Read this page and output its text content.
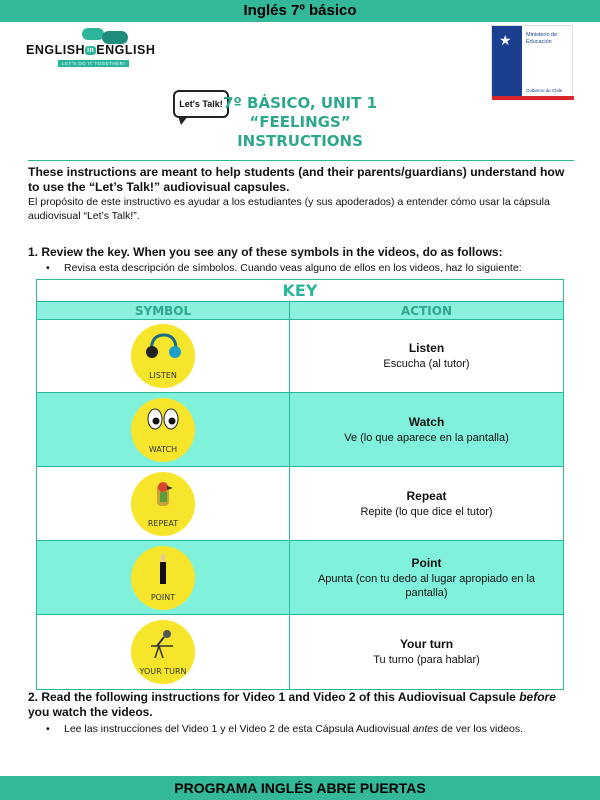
Inglés 7º básico
ENGLISH in ENGLISH
LET'S DO IT TOGETHER!
★	Ministerio de
Educación
Gobierno de Chile
Let's Talk! 7º BÁSICO, UNIT 1
“FEELINGS”
INSTRUCTIONS
These instructions are meant to help students (and their parents/guardians) understand how to use the “Let’s Talk!” audiovisual capsules.
El propósito de este instructivo es ayudar a los estudiantes (y sus apoderados) a entender cómo usar la cápsula audiovisual “Let’s Talk!”.
1. Review the key. When you see any of these symbols in the videos, do as follows:
• Revisa esta descripción de símbolos. Cuando veas alguno de ellos en los videos, haz lo siguiente:
KEY	
SYMBOL	ACTION

LISTEN	Listen
Escucha (al tutor)

WATCH	Watch
Ve (lo que aparece en la pantalla)

REPEAT	Repeat
Repite (lo que dice el tutor)

POINT	Point
Apunta (con tu dedo al lugar apropiado en la pantalla)

YOUR TURN	Your turn
Tu turno (para hablar)
2. Read the following instructions for Video 1 and Video 2 of this Audiovisual Capsule before you watch the videos.
• Lee las instrucciones del Video 1 y el Video 2 de esta Cápsula Audiovisual antes de ver los videos.
PROGRAMA INGLÉS ABRE PUERTAS
